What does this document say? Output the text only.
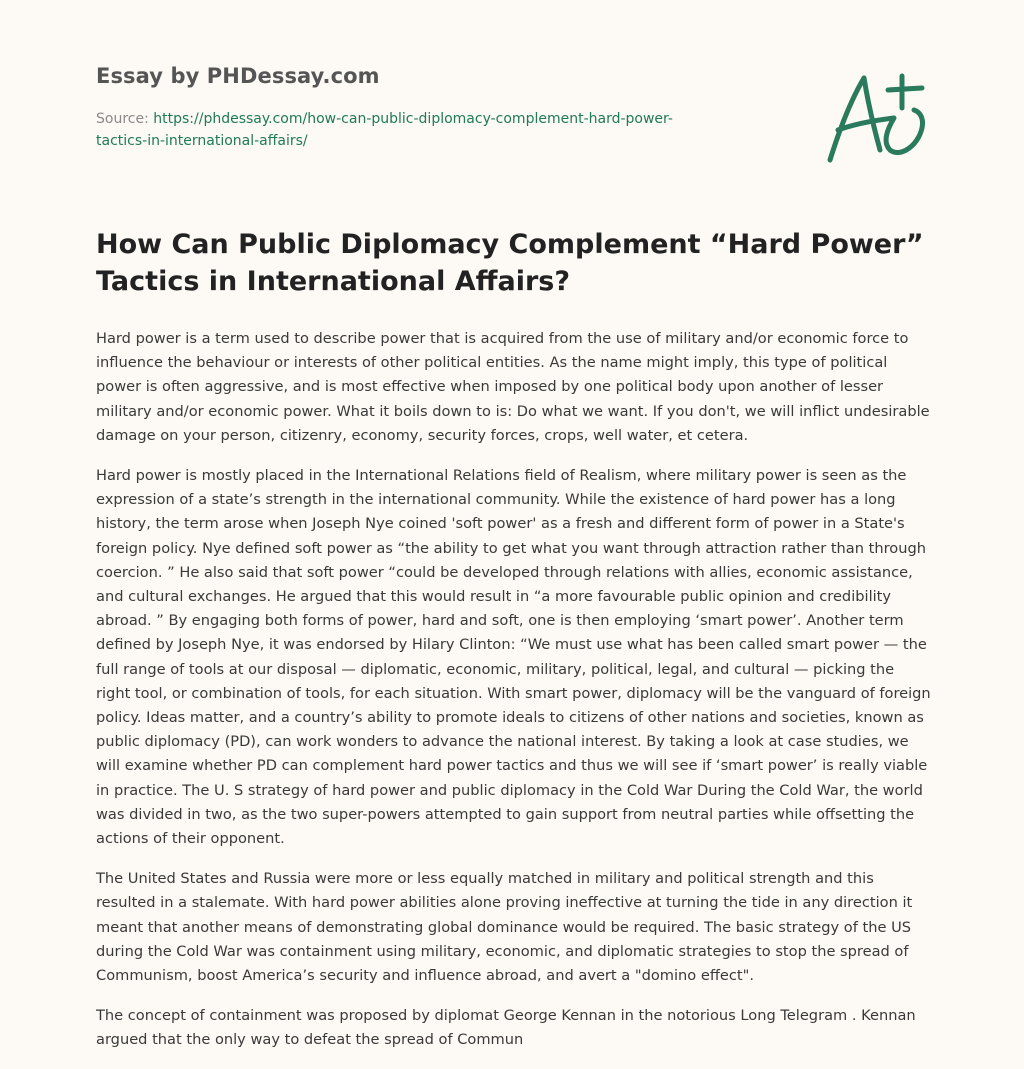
Essay by PHDessay.com
Source: https://phdessay.com/how-can-public-diplomacy-complement-hard-power-
tactics-in-international-affairs/
How Can Public Diplomacy Complement “Hard Power”
Tactics in International Affairs?

Hard power is a term used to describe power that is acquired from the use of military and/or economic force to influence the behaviour or interests of other political entities. As the name might imply, this type of political power is often aggressive, and is most effective when imposed by one political body upon another of lesser military and/or economic power. What it boils down to is: Do what we want. If you don't, we will inflict undesirable damage on your person, citizenry, economy, security forces, crops, well water, et cetera.

Hard power is mostly placed in the International Relations field of Realism, where military power is seen as the expression of a state’s strength in the international community. While the existence of hard power has a long history, the term arose when Joseph Nye coined 'soft power' as a fresh and different form of power in a State's foreign policy. Nye defined soft power as “the ability to get what you want through attraction rather than through coercion. ” He also said that soft power “could be developed through relations with allies, economic assistance, and cultural exchanges. He argued that this would result in “a more favourable public opinion and credibility abroad. ” By engaging both forms of power, hard and soft, one is then employing ‘smart power’. Another term defined by Joseph Nye, it was endorsed by Hilary Clinton: “We must use what has been called smart power — the full range of tools at our disposal — diplomatic, economic, military, political, legal, and cultural — picking the right tool, or combination of tools, for each situation. With smart power, diplomacy will be the vanguard of foreign policy. Ideas matter, and a country’s ability to promote ideals to citizens of other nations and societies, known as public diplomacy (PD), can work wonders to advance the national interest. By taking a look at case studies, we will examine whether PD can complement hard power tactics and thus we will see if ‘smart power’ is really viable in practice. The U. S strategy of hard power and public diplomacy in the Cold War During the Cold War, the world was divided in two, as the two super-powers attempted to gain support from neutral parties while offsetting the actions of their opponent.

The United States and Russia were more or less equally matched in military and political strength and this resulted in a stalemate. With hard power abilities alone proving ineffective at turning the tide in any direction it meant that another means of demonstrating global dominance would be required. The basic strategy of the US during the Cold War was containment using military, economic, and diplomatic strategies to stop the spread of Communism, boost America’s security and influence abroad, and avert a "domino effect".

The concept of containment was proposed by diplomat George Kennan in the notorious Long Telegram . Kennan argued that the only way to defeat the spread of Commun
